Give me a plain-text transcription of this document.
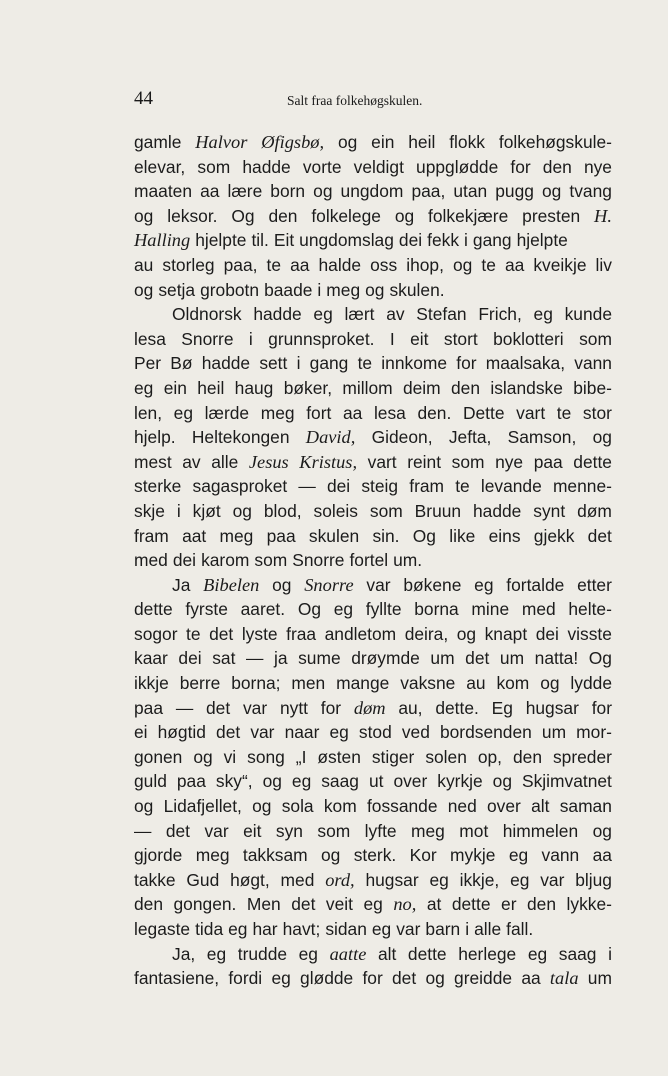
44	Salt fraa folkehøgskulen.
gamle Halvor Øfigsbø, og ein heil flokk folkehøgskule-
elevar, som hadde vorte veldigt uppglødde for den nye
maaten aa lære born og ungdom paa, utan pugg og tvang
og leksor. Og den folkelege og folkekjære presten H.
Halling hjelpte til. Eit ungdomslag dei fekk i gang hjelpte
au storleg paa, te aa halde oss ihop, og te aa kveikje liv
og setja grobotn baade i meg og skulen.
Oldnorsk hadde eg lært av Stefan Frich, eg kunde
lesa Snorre i grunnsproket. I eit stort boklotteri som
Per Bø hadde sett i gang te innkome for maalsaka, vann
eg ein heil haug bøker, millom deim den islandske bibe-
len, eg lærde meg fort aa lesa den. Dette vart te stor
hjelp. Heltekongen David, Gideon, Jefta, Samson, og
mest av alle Jesus Kristus, vart reint som nye paa dette
sterke sagasproket — dei steig fram te levande menne-
skje i kjøt og blod, soleis som Bruun hadde synt døm
fram aat meg paa skulen sin. Og like eins gjekk det
med dei karom som Snorre fortel um.
Ja Bibelen og Snorre var bøkene eg fortalde etter
dette fyrste aaret. Og eg fyllte borna mine med helte-
sogor te det lyste fraa andletom deira, og knapt dei visste
kaar dei sat — ja sume drøymde um det um natta! Og
ikkje berre borna; men mange vaksne au kom og lydde
paa — det var nytt for døm au, dette. Eg hugsar for
ei høgtid det var naar eg stod ved bordsenden um mor-
gonen og vi song „I østen stiger solen op, den spreder
guld paa sky“, og eg saag ut over kyrkje og Skjimvatnet
og Lidafjellet, og sola kom fossande ned over alt saman
— det var eit syn som lyfte meg mot himmelen og
gjorde meg takksam og sterk. Kor mykje eg vann aa
takke Gud høgt, med ord, hugsar eg ikkje, eg var bljug
den gongen. Men det veit eg no, at dette er den lykke-
legaste tida eg har havt; sidan eg var barn i alle fall.
Ja, eg trudde eg aatte alt dette herlege eg saag i
fantasiene, fordi eg glødde for det og greidde aa tala um
